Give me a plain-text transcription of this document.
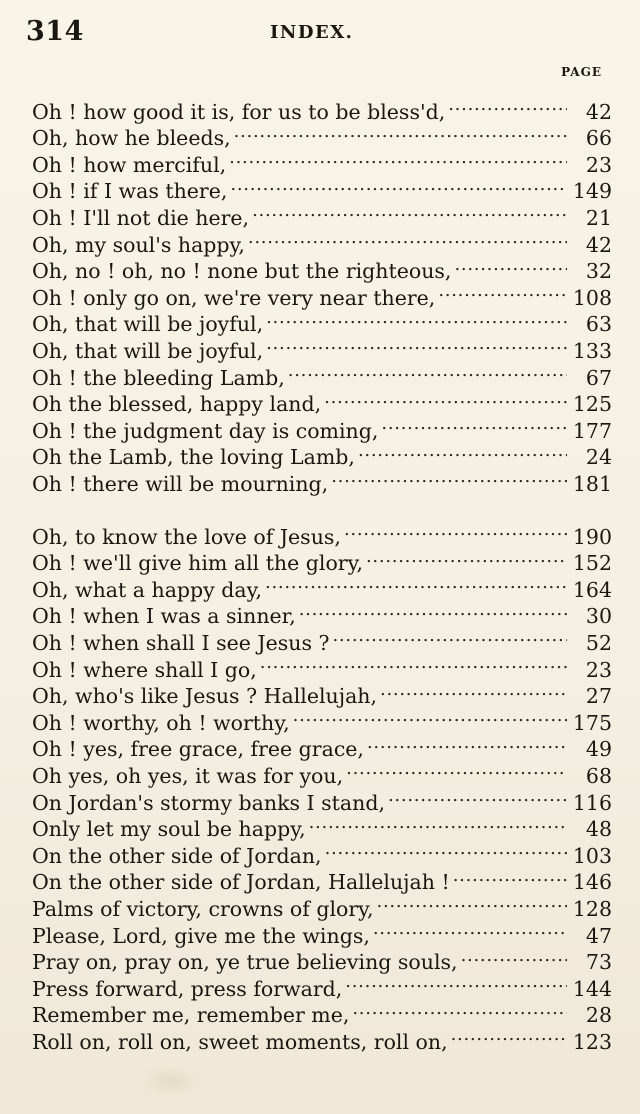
314	INDEX.
PAGE
Oh ! how good it is, for us to be bless'd, . . .	42
Oh, how he bleeds, . . .	66
Oh ! how merciful, . . .	23
Oh ! if I was there, . . .	149
Oh ! I'll not die here, . . .	21
Oh, my soul's happy, . . .	42
Oh, no ! oh, no ! none but the righteous, . . .	32
Oh ! only go on, we're very near there, . . .	108
Oh, that will be joyful, . . .	63
Oh, that will be joyful, . . .	133
Oh ! the bleeding Lamb, . . .	67
Oh the blessed, happy land, . . .	125
Oh ! the judgment day is coming, . . .	177
Oh the Lamb, the loving Lamb, . . .	24
Oh ! there will be mourning, . . .	181
Oh, to know the love of Jesus, . . .	190
Oh ! we'll give him all the glory, . . .	152
Oh, what a happy day, . . .	164
Oh ! when I was a sinner, . . .	30
Oh ! when shall I see Jesus ? . . .	52
Oh ! where shall I go, . . .	23
Oh, who's like Jesus ? Hallelujah, . . .	27
Oh ! worthy, oh ! worthy, . . .	175
Oh ! yes, free grace, free grace, . . .	49
Oh yes, oh yes, it was for you, . . .	68
On Jordan's stormy banks I stand, . . .	116
Only let my soul be happy, . . .	48
On the other side of Jordan, . . .	103
On the other side of Jordan, Hallelujah ! . . .	146
Palms of victory, crowns of glory, . . .	128
Please, Lord, give me the wings, . . .	47
Pray on, pray on, ye true believing souls, . . .	73
Press forward, press forward, . . .	144
Remember me, remember me, . . .	28
Roll on, roll on, sweet moments, roll on, . . .	123
